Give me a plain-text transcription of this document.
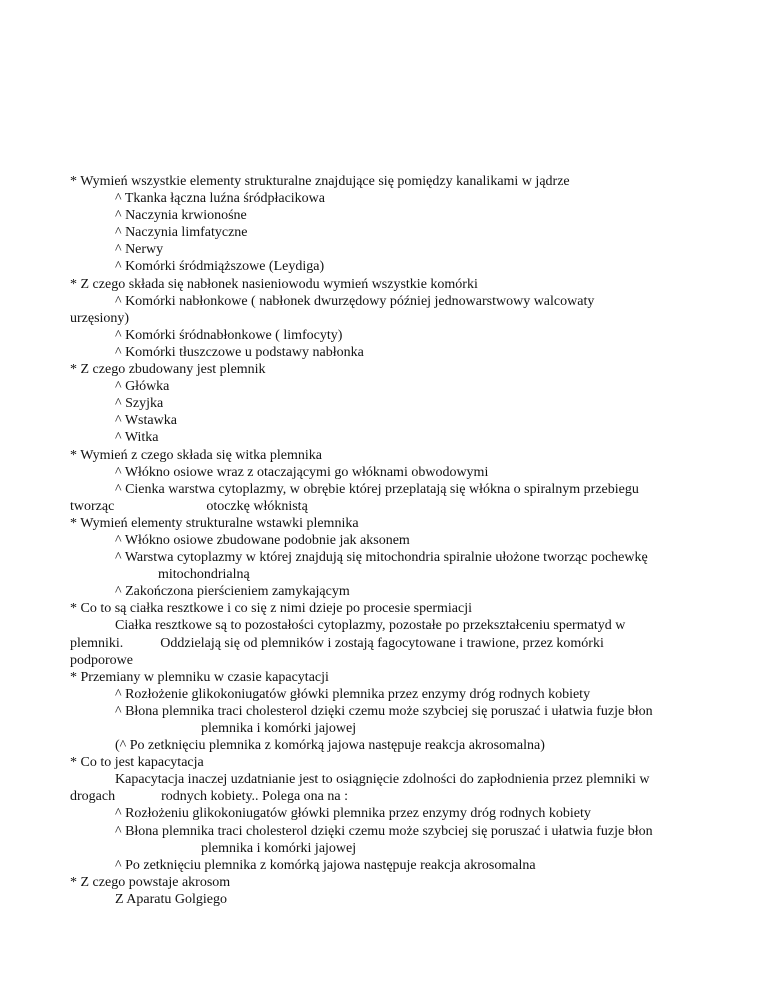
* Wymień wszystkie elementy strukturalne znajdujące się pomiędzy kanalikami w jądrze
^ Tkanka łączna luźna śródpłacikowa
^ Naczynia krwionośne
^ Naczynia limfatyczne
^ Nerwy
^ Komórki śródmiąższowe (Leydiga)
* Z czego składa się nabłonek nasieniowodu wymień wszystkie komórki
^ Komórki nabłonkowe ( nabłonek dwurzędowy później jednowarstwowy walcowaty
urzęsiony)
^ Komórki śródnabłonkowe ( limfocyty)
^ Komórki tłuszczowe u podstawy nabłonka
* Z czego zbudowany jest plemnik
^ Główka
^ Szyjka
^ Wstawka
^ Witka
* Wymień z czego składa się witka plemnika
^ Włókno osiowe wraz z otaczającymi go włóknami obwodowymi
^ Cienka warstwa cytoplazmy, w obrębie której przeplatają się włókna o spiralnym przebiegu
tworząc	otoczkę włóknistą
* Wymień elementy strukturalne wstawki plemnika
^ Włókno osiowe zbudowane podobnie jak aksonem
^ Warstwa cytoplazmy w której znajdują się mitochondria spiralnie ułożone tworząc pochewkę
mitochondrialną
^ Zakończona pierścieniem zamykającym
* Co to są ciałka resztkowe i co się z nimi dzieje po procesie spermiacji
Ciałka resztkowe są to pozostałości cytoplazmy, pozostałe po przekształceniu spermatyd w
plemniki.	Oddzielają się od plemników i zostają fagocytowane i trawione, przez komórki
podporowe
* Przemiany w plemniku w czasie kapacytacji
^ Rozłożenie glikokoniugatów główki plemnika przez enzymy dróg rodnych kobiety
^ Błona plemnika traci cholesterol dzięki czemu może szybciej się poruszać i ułatwia fuzje błon
plemnika i komórki jajowej
(^ Po zetknięciu plemnika z komórką jajowa następuje reakcja akrosomalna)
* Co to jest kapacytacja
Kapacytacja inaczej uzdatnianie jest to osiągnięcie zdolności do zapłodnienia przez plemniki w
drogach	rodnych kobiety.. Polega ona na :
^ Rozłożeniu glikokoniugatów główki plemnika przez enzymy dróg rodnych kobiety
^ Błona plemnika traci cholesterol dzięki czemu może szybciej się poruszać i ułatwia fuzje błon
plemnika i komórki jajowej
^ Po zetknięciu plemnika z komórką jajowa następuje reakcja akrosomalna
* Z czego powstaje akrosom
Z Aparatu Golgiego
